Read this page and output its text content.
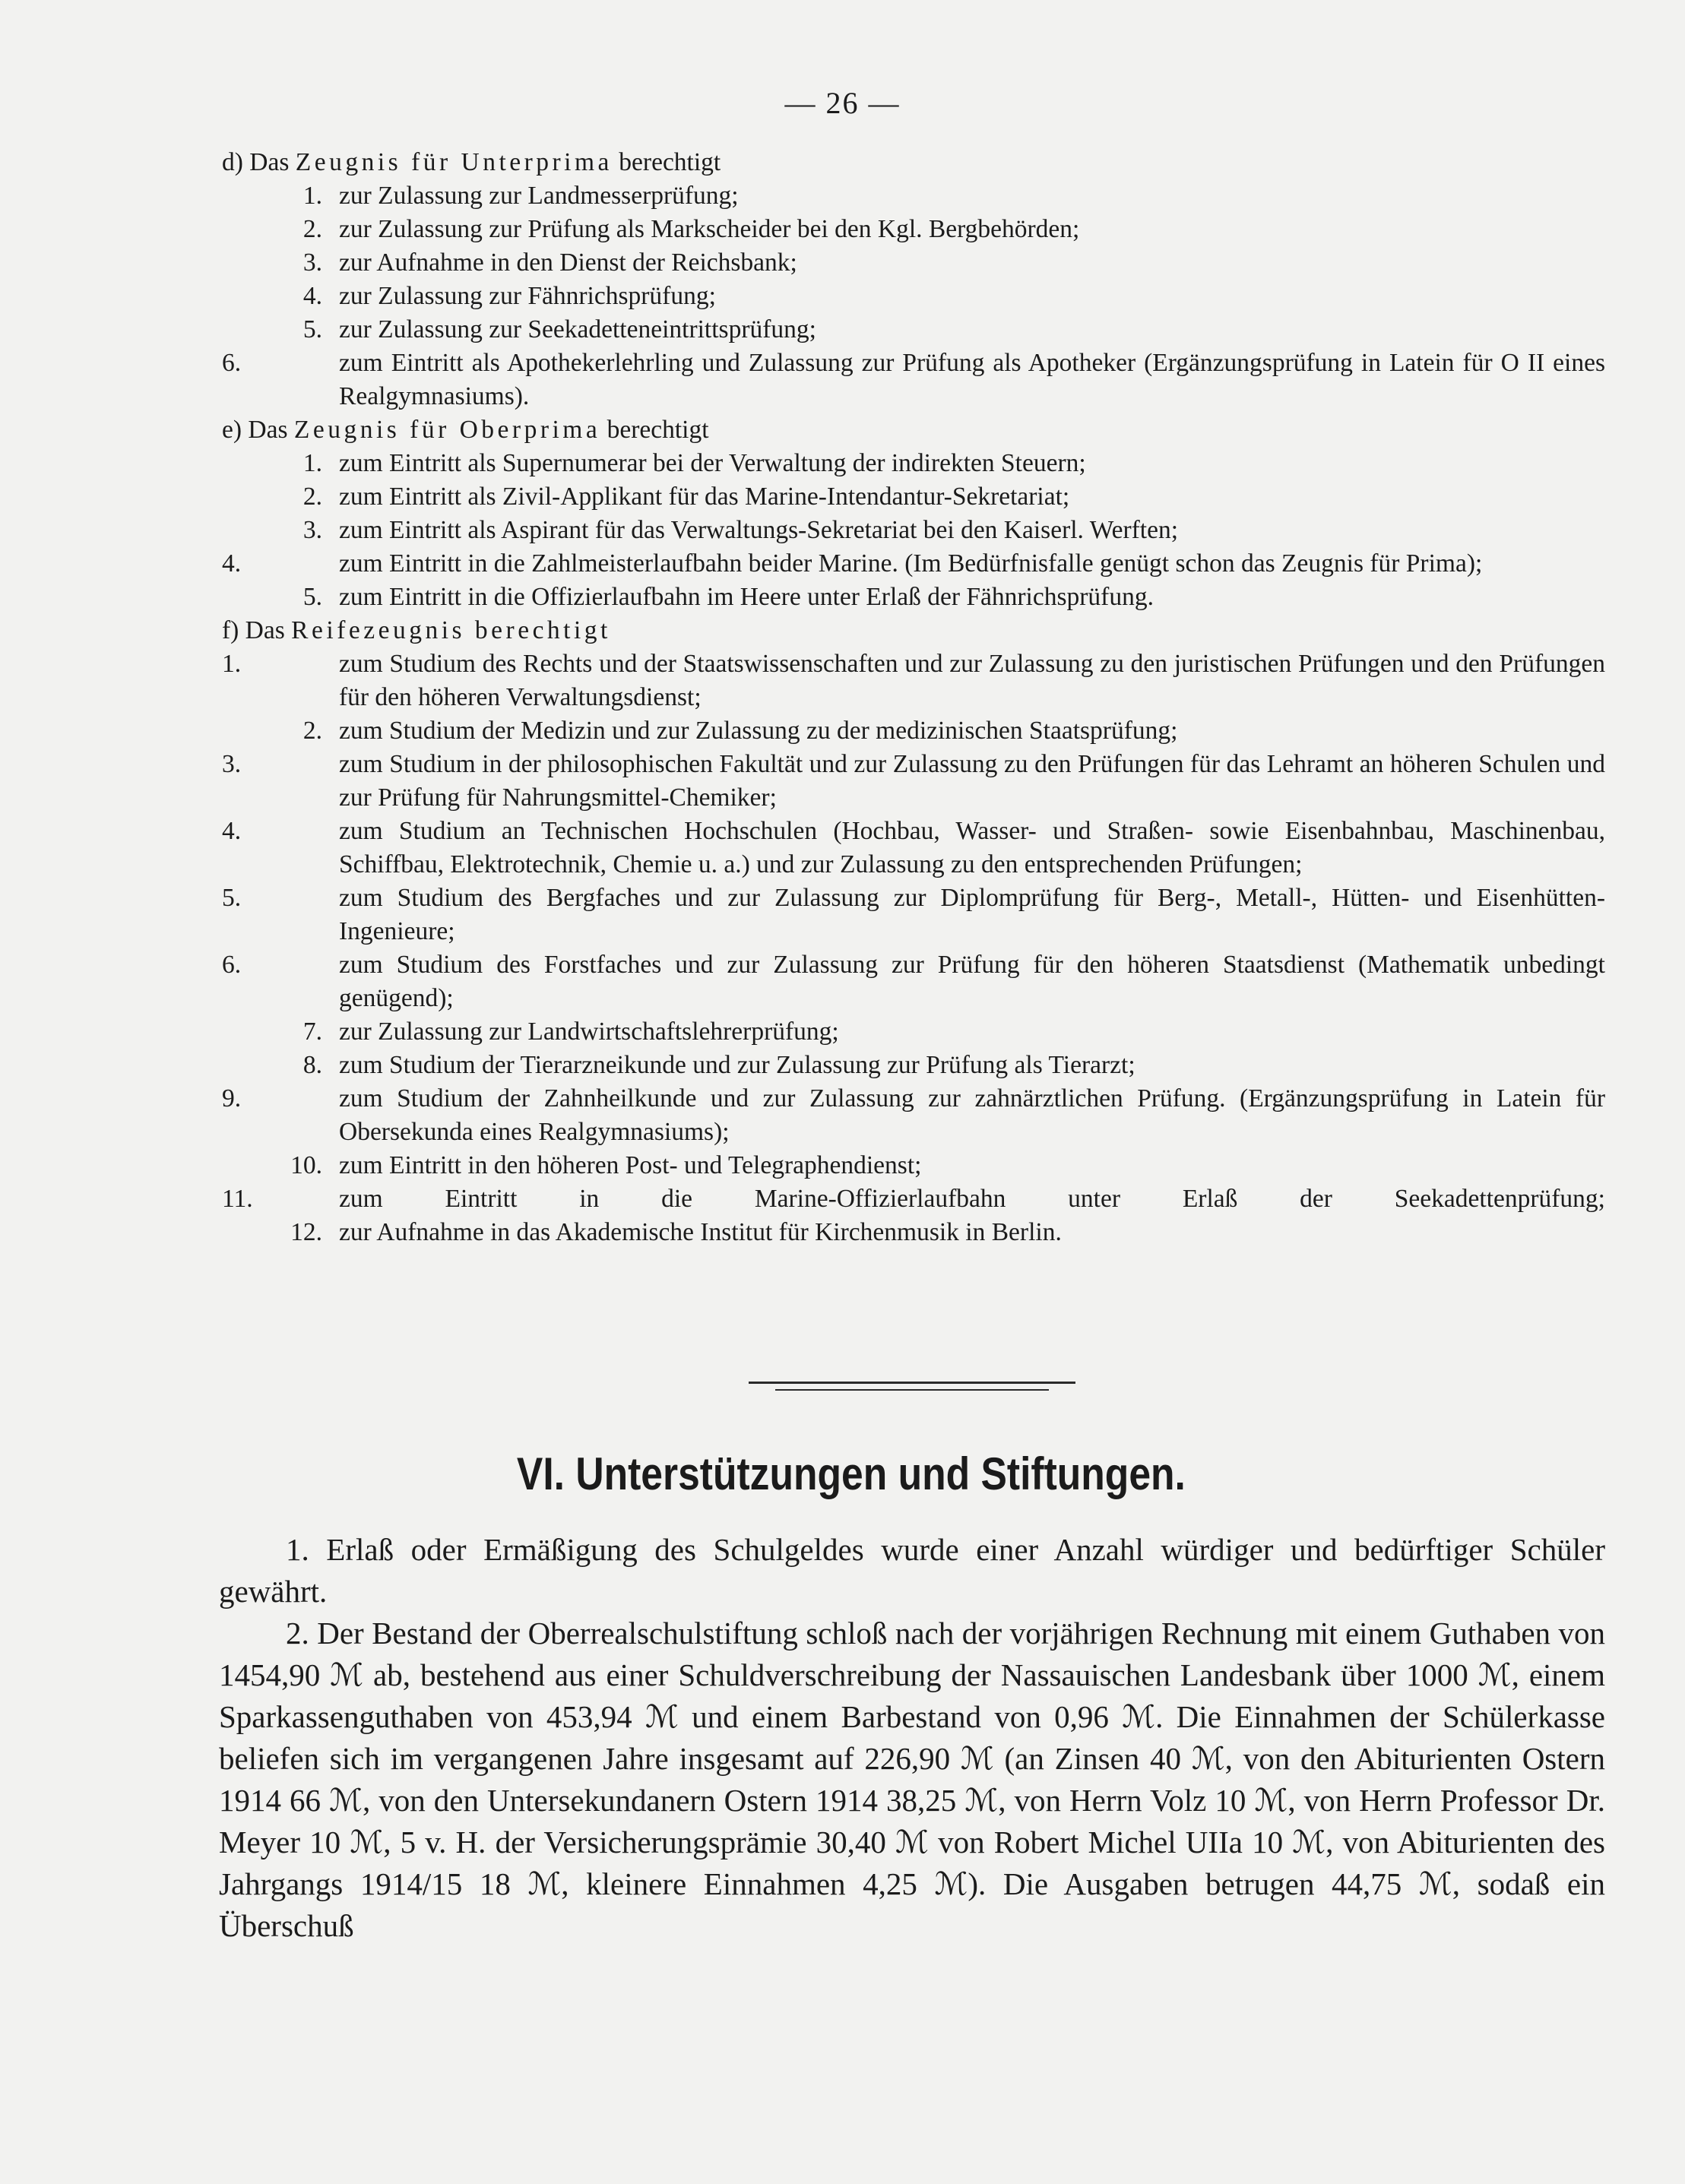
— 26 —
d) Das Zeugnis für Unterprima berechtigt
1. zur Zulassung zur Landmesserprüfung;
2. zur Zulassung zur Prüfung als Markscheider bei den Kgl. Bergbehörden;
3. zur Aufnahme in den Dienst der Reichsbank;
4. zur Zulassung zur Fähnrichsprüfung;
5. zur Zulassung zur Seekadetteneintrittsprüfung;
6.	zum Eintritt als Apothekerlehrling und Zulassung zur Prüfung als Apotheker (Ergänzungsprüfung in Latein für O II eines Realgymnasiums).
e) Das Zeugnis für Oberprima berechtigt
1. zum Eintritt als Supernumerar bei der Verwaltung der indirekten Steuern;
2. zum Eintritt als Zivil-Applikant für das Marine-Intendantur-Sekretariat;
3. zum Eintritt als Aspirant für das Verwaltungs-Sekretariat bei den Kaiserl. Werften;
4.	zum Eintritt in die Zahlmeisterlaufbahn beider Marine. (Im Bedürfnisfalle genügt schon das Zeugnis für Prima);
5. zum Eintritt in die Offizierlaufbahn im Heere unter Erlaß der Fähnrichsprüfung.
f) Das Reifezeugnis berechtigt
1.	zum Studium des Rechts und der Staatswissenschaften und zur Zulassung zu den juristischen Prüfungen und den Prüfungen für den höheren Verwaltungsdienst;
2. zum Studium der Medizin und zur Zulassung zu der medizinischen Staatsprüfung;
3.	zum Studium in der philosophischen Fakultät und zur Zulassung zu den Prüfungen für das Lehramt an höheren Schulen und zur Prüfung für Nahrungsmittel-Chemiker;
4.	zum Studium an Technischen Hochschulen (Hochbau, Wasser- und Straßen- sowie Eisenbahnbau, Maschinenbau, Schiffbau, Elektrotechnik, Chemie u. a.) und zur Zulassung zu den entsprechenden Prüfungen;
5.	zum Studium des Bergfaches und zur Zulassung zur Diplomprüfung für Berg-, Metall-, Hütten- und Eisenhütten-Ingenieure;
6.	zum Studium des Forstfaches und zur Zulassung zur Prüfung für den höheren Staatsdienst (Mathematik unbedingt genügend);
7. zur Zulassung zur Landwirtschaftslehrerprüfung;
8. zum Studium der Tierarzneikunde und zur Zulassung zur Prüfung als Tierarzt;
9.	zum Studium der Zahnheilkunde und zur Zulassung zur zahnärztlichen Prüfung. (Ergänzungsprüfung in Latein für Obersekunda eines Realgymnasiums);
10. zum Eintritt in den höheren Post- und Telegraphendienst;
11.	zum Eintritt in die Marine-Offizierlaufbahn unter Erlaß der Seekadettenprüfung;
12. zur Aufnahme in das Akademische Institut für Kirchenmusik in Berlin.
VI. Unterstützungen und Stiftungen.

1. Erlaß oder Ermäßigung des Schulgeldes wurde einer Anzahl würdiger und bedürftiger Schüler gewährt.

2. Der Bestand der Oberrealschulstiftung schloß nach der vorjährigen Rechnung mit einem Guthaben von 1454,90 ℳ ab, bestehend aus einer Schuldverschreibung der Nassauischen Landesbank über 1000 ℳ, einem Sparkassenguthaben von 453,94 ℳ und einem Barbestand von 0,96 ℳ. Die Einnahmen der Schülerkasse beliefen sich im vergangenen Jahre insgesamt auf 226,90 ℳ (an Zinsen 40 ℳ, von den Abiturienten Ostern 1914 66 ℳ, von den Untersekundanern Ostern 1914 38,25 ℳ, von Herrn Volz 10 ℳ, von Herrn Professor Dr. Meyer 10 ℳ, 5 v. H. der Versicherungsprämie 30,40 ℳ von Robert Michel UIIa 10 ℳ, von Abiturienten des Jahrgangs 1914/15 18 ℳ, kleinere Einnahmen 4,25 ℳ). Die Ausgaben betrugen 44,75 ℳ, sodaß ein Überschuß
